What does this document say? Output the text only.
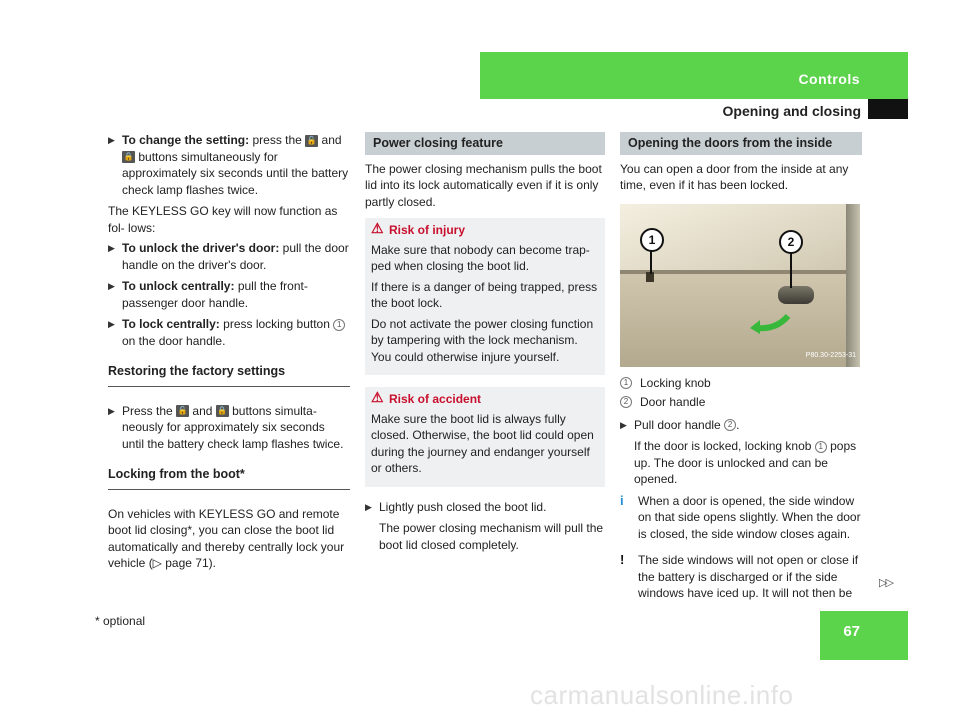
Controls
Opening and closing
▶ To change the setting: press the 🔓 and 🔒 buttons simultaneously for approximately six seconds until the battery check lamp flashes twice.

The KEYLESS GO key will now function as fol- lows:

▶ To unlock the driver's door: pull the door handle on the driver's door.
▶ To unlock centrally: pull the front- passenger door handle.
▶ To lock centrally: press locking button 1 on the door handle.
Restoring the factory settings
▶ Press the 🔓 and 🔒 buttons simulta- neously for approximately six seconds until the battery check lamp flashes twice.
Locking from the boot*

On vehicles with KEYLESS GO and remote boot lid closing*, you can close the boot lid automatically and thereby centrally lock your vehicle (▷ page 71).

Power closing feature

The power closing mechanism pulls the boot lid into its lock automatically even if it is only partly closed.

⚠ Risk of injury

Make sure that nobody can become trap- ped when closing the boot lid.

If there is a danger of being trapped, press the boot lock.

Do not activate the power closing function by tampering with the lock mechanism. You could otherwise injure yourself.

⚠ Risk of accident

Make sure the boot lid is always fully closed. Otherwise, the boot lid could open during the journey and endanger yourself or others.

▶ Lightly push closed the boot lid.
The power closing mechanism will pull the boot lid closed completely.
Opening the doors from the inside

You can open a door from the inside at any time, even if it has been locked.

1	2
P80.30-2253-31
1 Locking knob
2 Door handle
▶ Pull door handle 2 .
If the door is locked, locking knob 1 pops up. The door is unlocked and can be opened.
i When a door is opened, the side window on that side opens slightly. When the door is closed, the side window closes again.
! The side windows will not open or close if the battery is discharged or if the side windows have iced up. It will not then be
▷▷
* optional
67
carmanualsonline.info
